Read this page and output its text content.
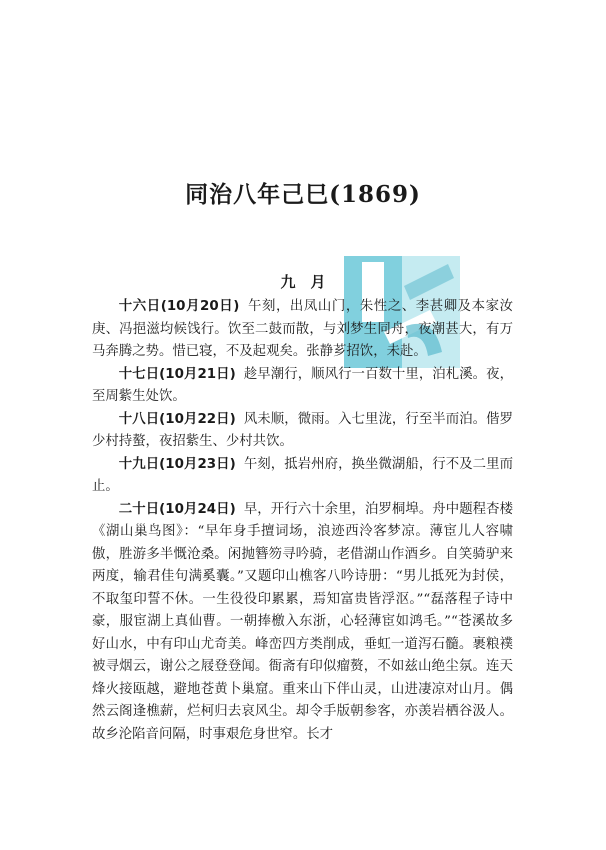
同治八年己巳(1869)
九　月

十六日(10月20日) 午刻，出凤山门，朱性之、李甚卿及本家汝庚、冯挹滋均候饯行。饮至二鼓而散，与刘梦生同舟，夜潮甚大，有万马奔腾之势。惜已寝，不及起观矣。张静芗招饮，未赴。

十七日(10月21日) 趁早潮行，顺风行一百数十里，泊札溪。夜，至周紫生处饮。

十八日(10月22日) 风未顺，微雨。入七里泷，行至半而泊。偕罗少村持螯，夜招紫生、少村共饮。

十九日(10月23日) 午刻，抵岩州府，换坐微湖船，行不及二里而止。

二十日(10月24日) 早，开行六十余里，泊罗桐埠。舟中题程杏楼《湖山巢鸟图》：“早年身手擅词场，浪迹西泠客梦凉。薄宦儿人容啸傲，胜游多半慨沧桑。闲抛簪笏寻吟骑，老借湖山作酒乡。自笑骑驴来两度，输君佳句满奚囊。”又题印山樵客八吟诗册：“男儿抵死为封侯，不取玺印誓不休。一生役役印累累，焉知富贵皆浮沤。”“磊落程子诗中豪，服宦湖上真仙曹。一朝捧檄入东浙，心轻薄宦如鸿毛。”“苍溪故多好山水，中有印山尤奇美。峰峦四方类削成，垂虹一道泻石髓。裹粮襆被寻烟云，谢公之屐登登闻。衙斋有印似瘤赘，不如兹山绝尘氛。连天烽火接瓯越，避地苍黄卜巢窟。重来山下伴山灵，山进凄凉对山月。偶然云阁逢樵薪，烂柯归去哀风尘。却令手版朝参客，亦羡岩栖谷汲人。故乡沦陷音问隔，时事艰危身世窄。长才
